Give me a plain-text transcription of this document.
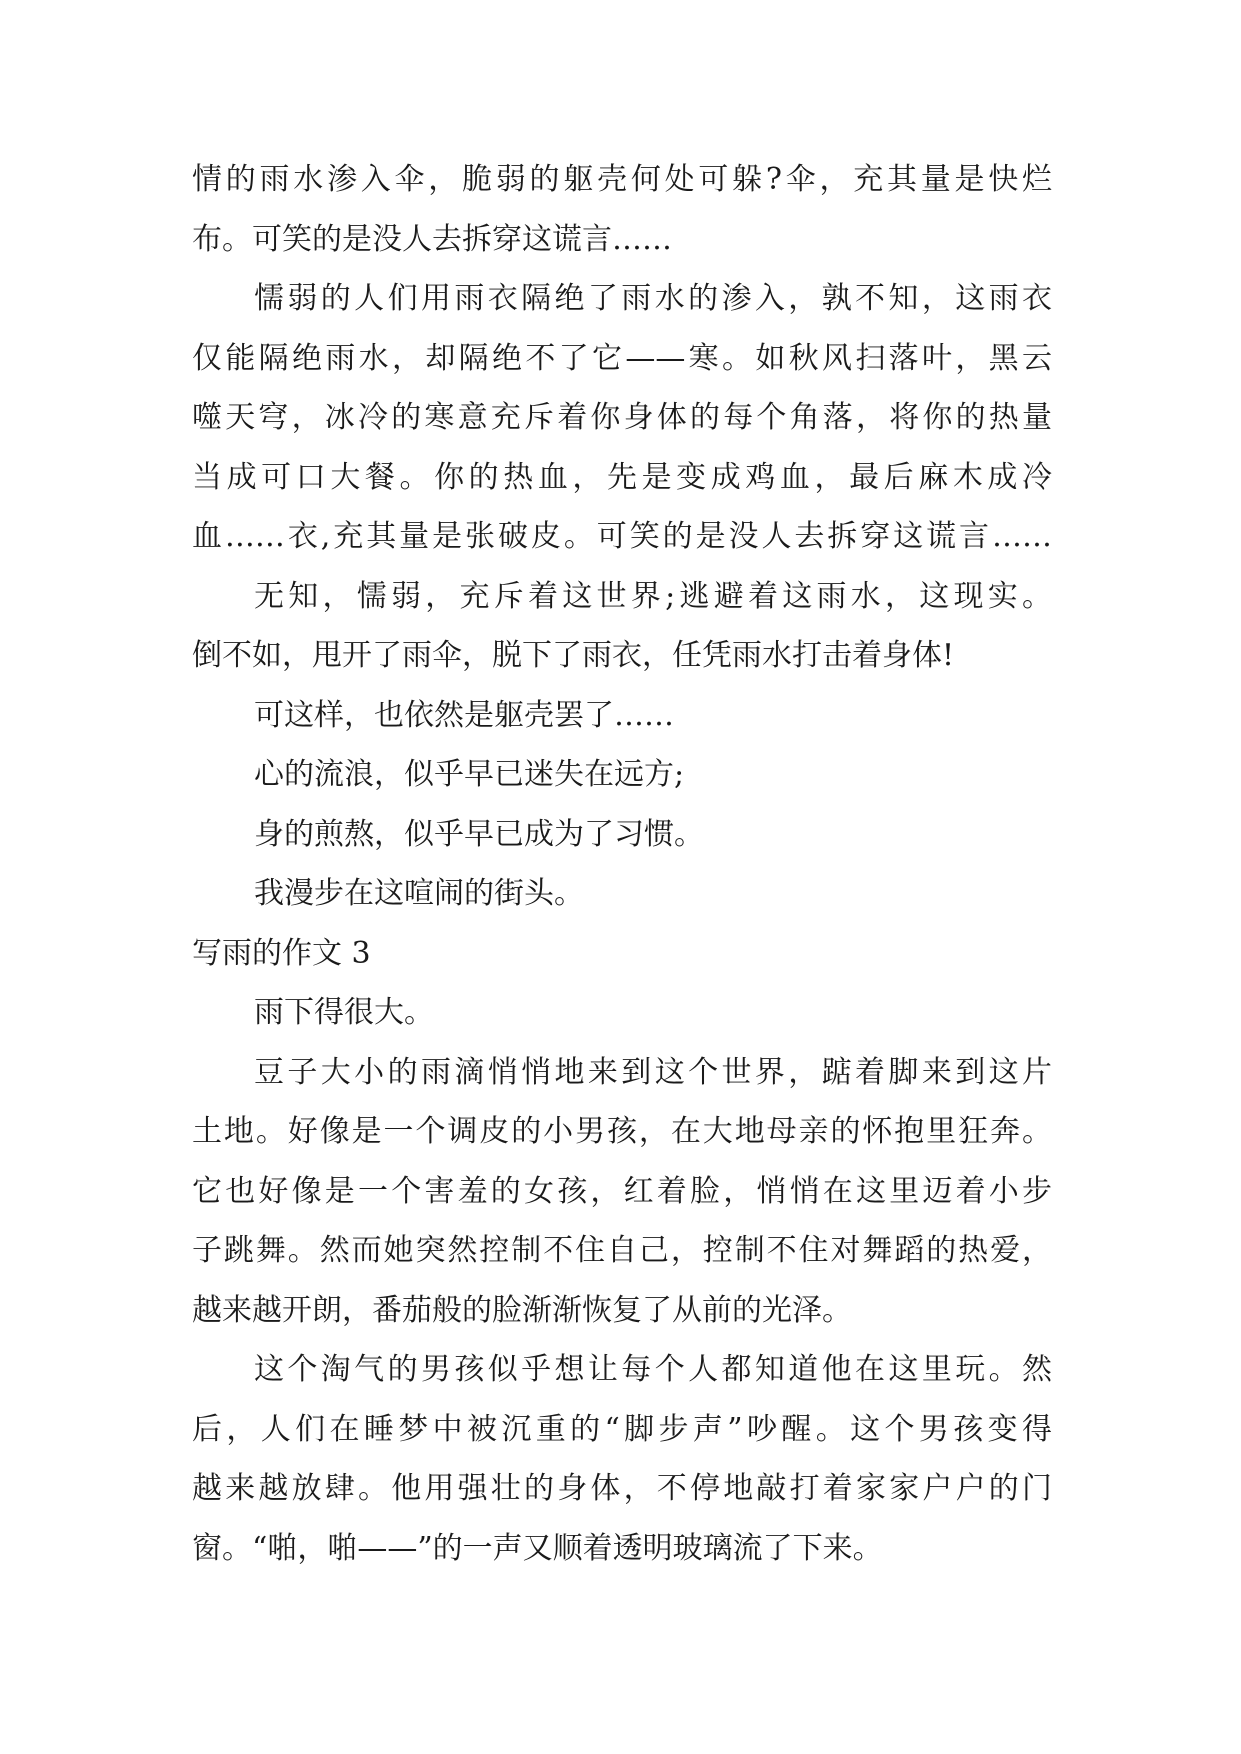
情的雨水渗入伞，脆弱的躯壳何处可躲?伞，充其量是快烂
布。可笑的是没人去拆穿这谎言……
懦弱的人们用雨衣隔绝了雨水的渗入，孰不知，这雨衣
仅能隔绝雨水，却隔绝不了它——寒。如秋风扫落叶，黑云
噬天穹，冰冷的寒意充斥着你身体的每个角落，将你的热量
当成可口大餐。你的热血，先是变成鸡血，最后麻木成冷
血……衣,充其量是张破皮。可笑的是没人去拆穿这谎言……
无知，懦弱，充斥着这世界;逃避着这雨水，这现实。
倒不如，甩开了雨伞，脱下了雨衣，任凭雨水打击着身体!
可这样，也依然是躯壳罢了……
心的流浪，似乎早已迷失在远方;
身的煎熬，似乎早已成为了习惯。
我漫步在这喧闹的街头。
写雨的作文 3
雨下得很大。
豆子大小的雨滴悄悄地来到这个世界，踮着脚来到这片
土地。好像是一个调皮的小男孩，在大地母亲的怀抱里狂奔。
它也好像是一个害羞的女孩，红着脸，悄悄在这里迈着小步
子跳舞。然而她突然控制不住自己，控制不住对舞蹈的热爱，
越来越开朗，番茄般的脸渐渐恢复了从前的光泽。
这个淘气的男孩似乎想让每个人都知道他在这里玩。然
后，人们在睡梦中被沉重的“脚步声”吵醒。这个男孩变得
越来越放肆。他用强壮的身体，不停地敲打着家家户户的门
窗。“啪，啪——”的一声又顺着透明玻璃流了下来。
